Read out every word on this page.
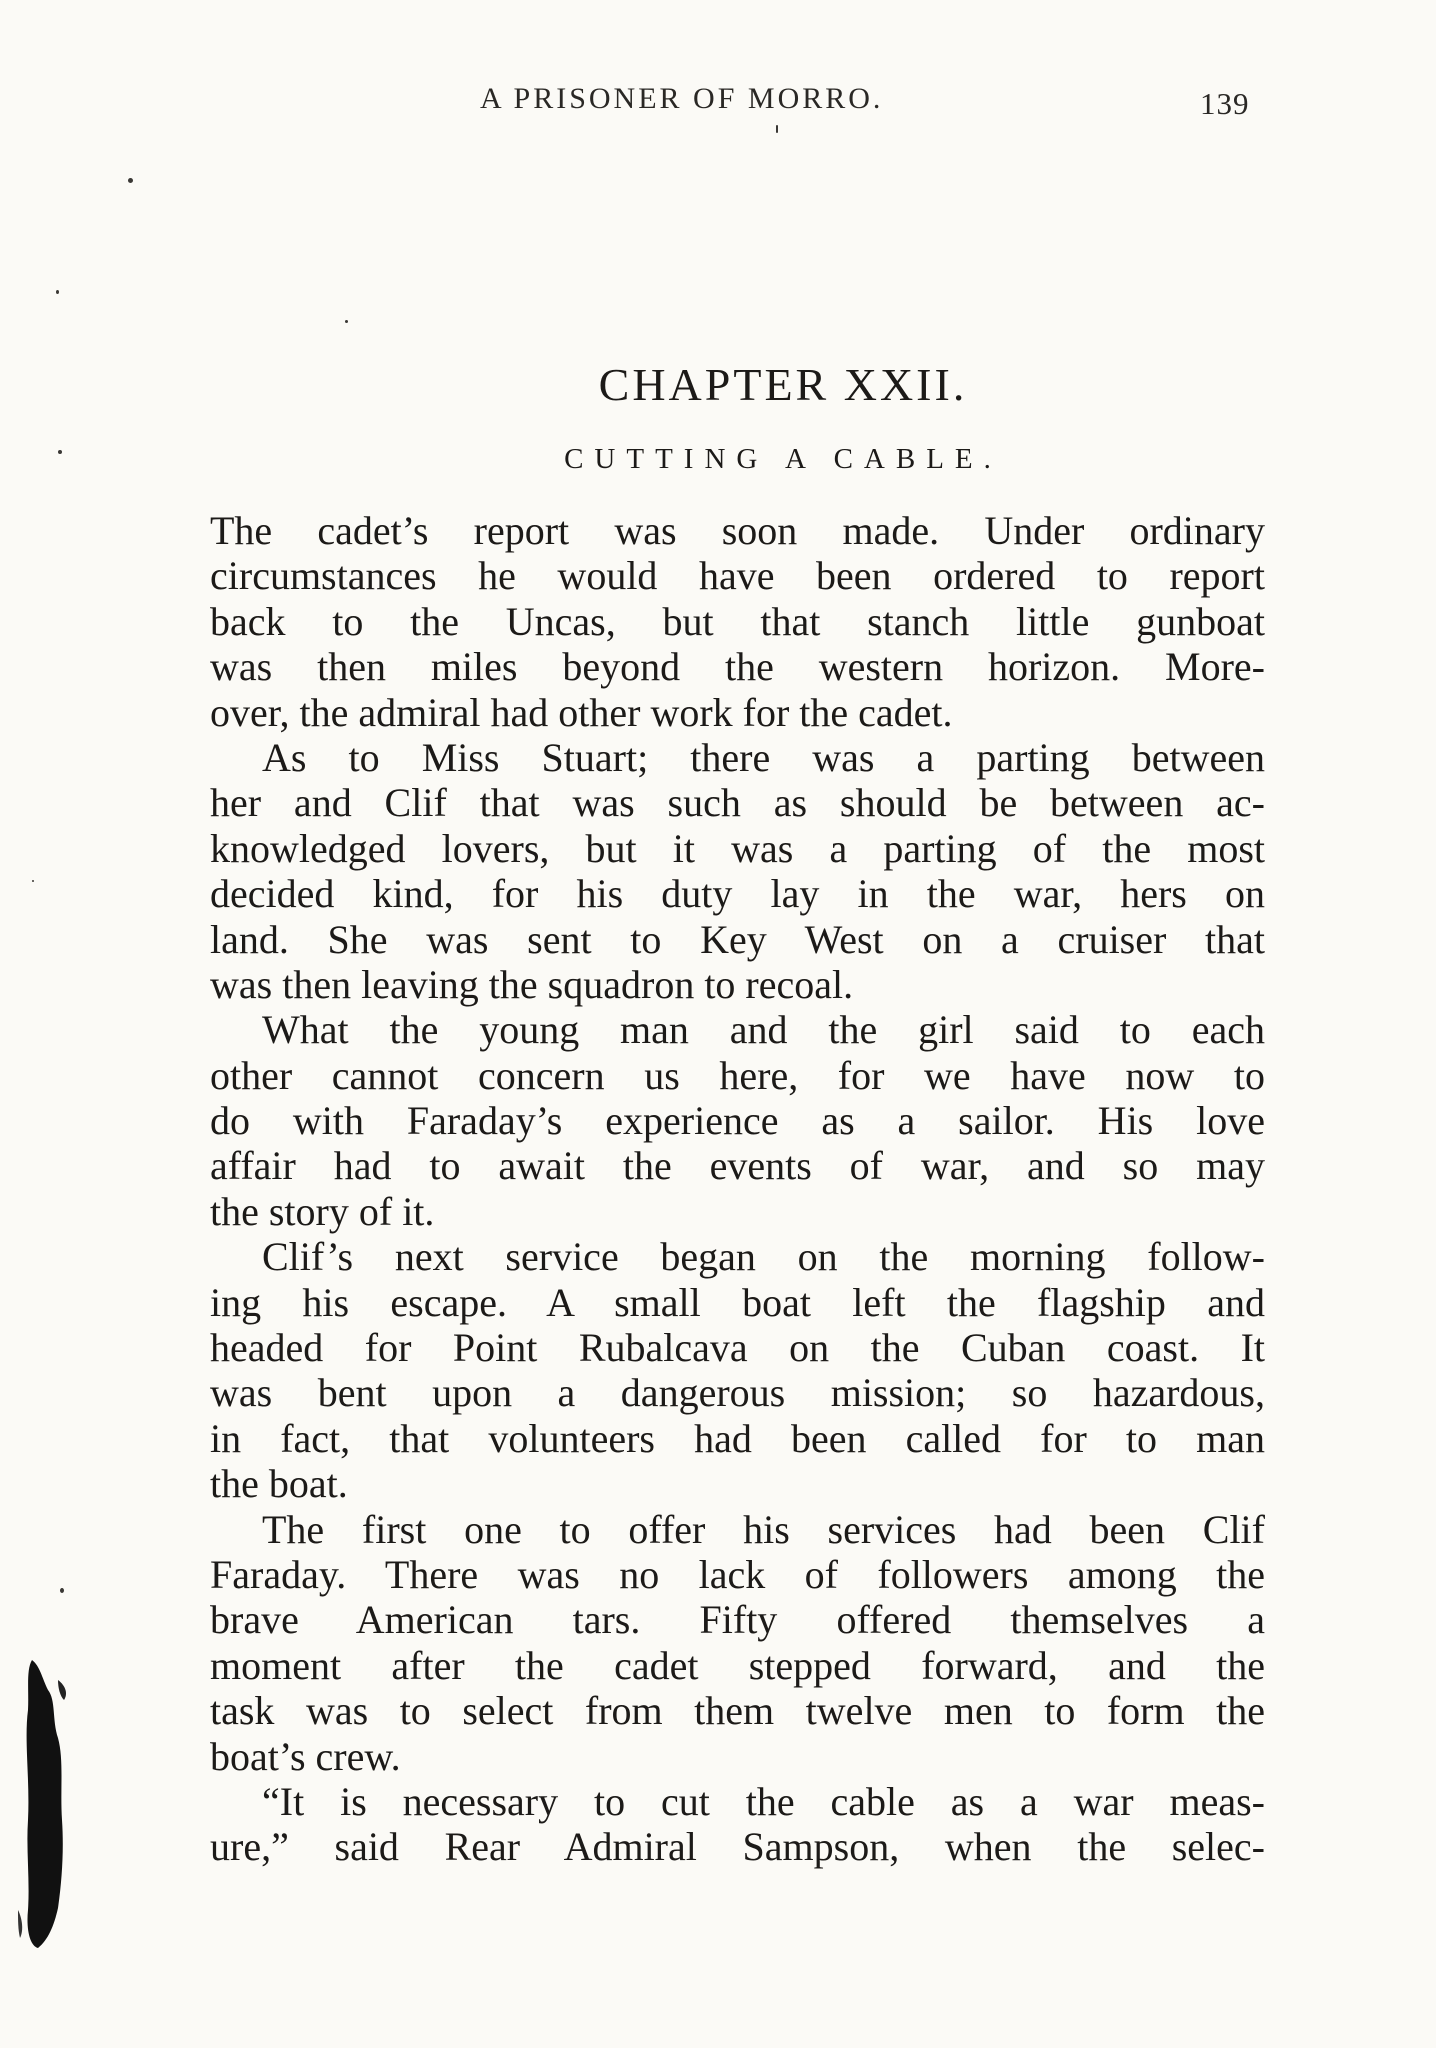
A PRISONER OF MORRO.	139
CHAPTER XXII.
CUTTING A CABLE.
The cadet’s report was soon made. Under ordinary
circumstances he would have been ordered to report
back to the Uncas, but that stanch little gunboat
was then miles beyond the western horizon. More-
over, the admiral had other work for the cadet.
As to Miss Stuart; there was a parting between
her and Clif that was such as should be between ac-
knowledged lovers, but it was a parting of the most
decided kind, for his duty lay in the war, hers on
land. She was sent to Key West on a cruiser that
was then leaving the squadron to recoal.
What the young man and the girl said to each
other cannot concern us here, for we have now to
do with Faraday’s experience as a sailor. His love
affair had to await the events of war, and so may
the story of it.
Clif’s next service began on the morning follow-
ing his escape. A small boat left the flagship and
headed for Point Rubalcava on the Cuban coast. It
was bent upon a dangerous mission; so hazardous,
in fact, that volunteers had been called for to man
the boat.
The first one to offer his services had been Clif
Faraday. There was no lack of followers among the
brave American tars. Fifty offered themselves a
moment after the cadet stepped forward, and the
task was to select from them twelve men to form the
boat’s crew.
“It is necessary to cut the cable as a war meas-
ure,” said Rear Admiral Sampson, when the selec-
